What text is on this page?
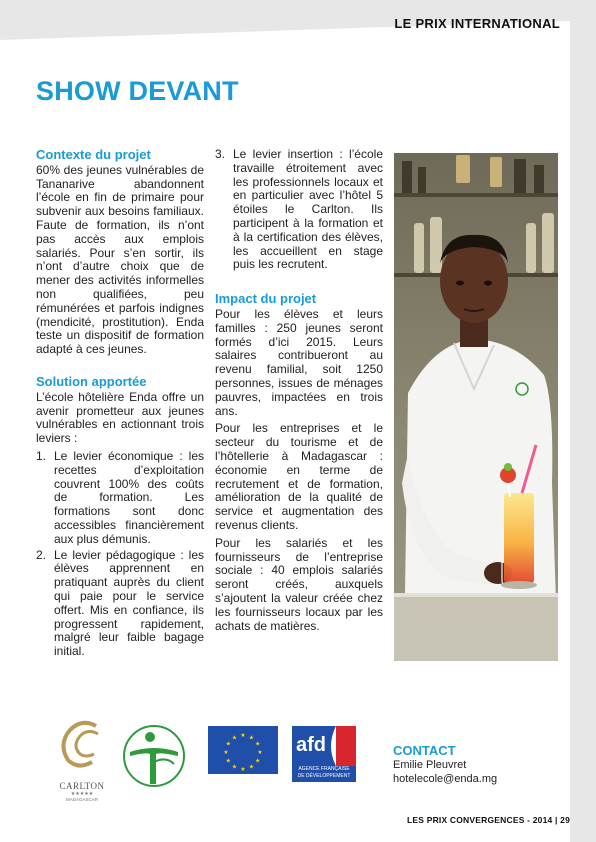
LE PRIX INTERNATIONAL
SHOW DEVANT
Contexte du projet

60% des jeunes vulnérables de Tananarive abandonnent l’école en fin de primaire pour subvenir aux besoins familiaux. Faute de formation, ils n’ont pas accès aux emplois salariés. Pour s’en sortir, ils n’ont d’autre choix que de mener des activités informelles non qualifiées, peu rémunérées et parfois indignes (mendicité, prostitution). Enda teste un dispositif de formation adapté à ces jeunes.

Solution apportée

L’école hôtelière Enda offre un avenir prometteur aux jeunes vulnérables en actionnant trois leviers :

1. Le levier économique : les recettes d’exploitation couvrent 100% des coûts de formation. Les formations sont donc accessibles financièrement aux plus démunis.
2. Le levier pédagogique : les élèves apprennent en pratiquant auprès du client qui paie pour le service offert. Mis en confiance, ils progressent rapidement, malgré leur faible bagage initial.
3. Le levier insertion : l’école travaille étroitement avec les professionnels locaux et en particulier avec l’hôtel 5 étoiles le Carlton. Ils participent à la formation et à la certification des élèves, les accueillent en stage puis les recrutent.
Impact du projet

Pour les élèves et leurs familles : 250 jeunes seront formés d’ici 2015. Leurs salaires contribueront au revenu familial, soit 1250 personnes, issues de ménages pauvres, impactées en trois ans.

Pour les entreprises et le secteur du tourisme et de l’hôtellerie à Madagascar : économie en terme de recrutement et de formation, amélioration de la qualité de service et augmentation des revenus clients.

Pour les salariés et les fournisseurs de l’entreprise sociale : 40 emplois salariés seront créés, auxquels s’ajoutent la valeur créée chez les fournisseurs locaux par les achats de matières.

CARLTON
★★★★★
MADAGASCAR
★ ★
★
★
★
★
★
★
★
★
★
★	afd
AGENCE FRANÇAISE
DE DÉVELOPPEMENT
CONTACT
Emilie Pleuvret
hotelecole@enda.mg
LES PRIX CONVERGENCES - 2014 | 29
